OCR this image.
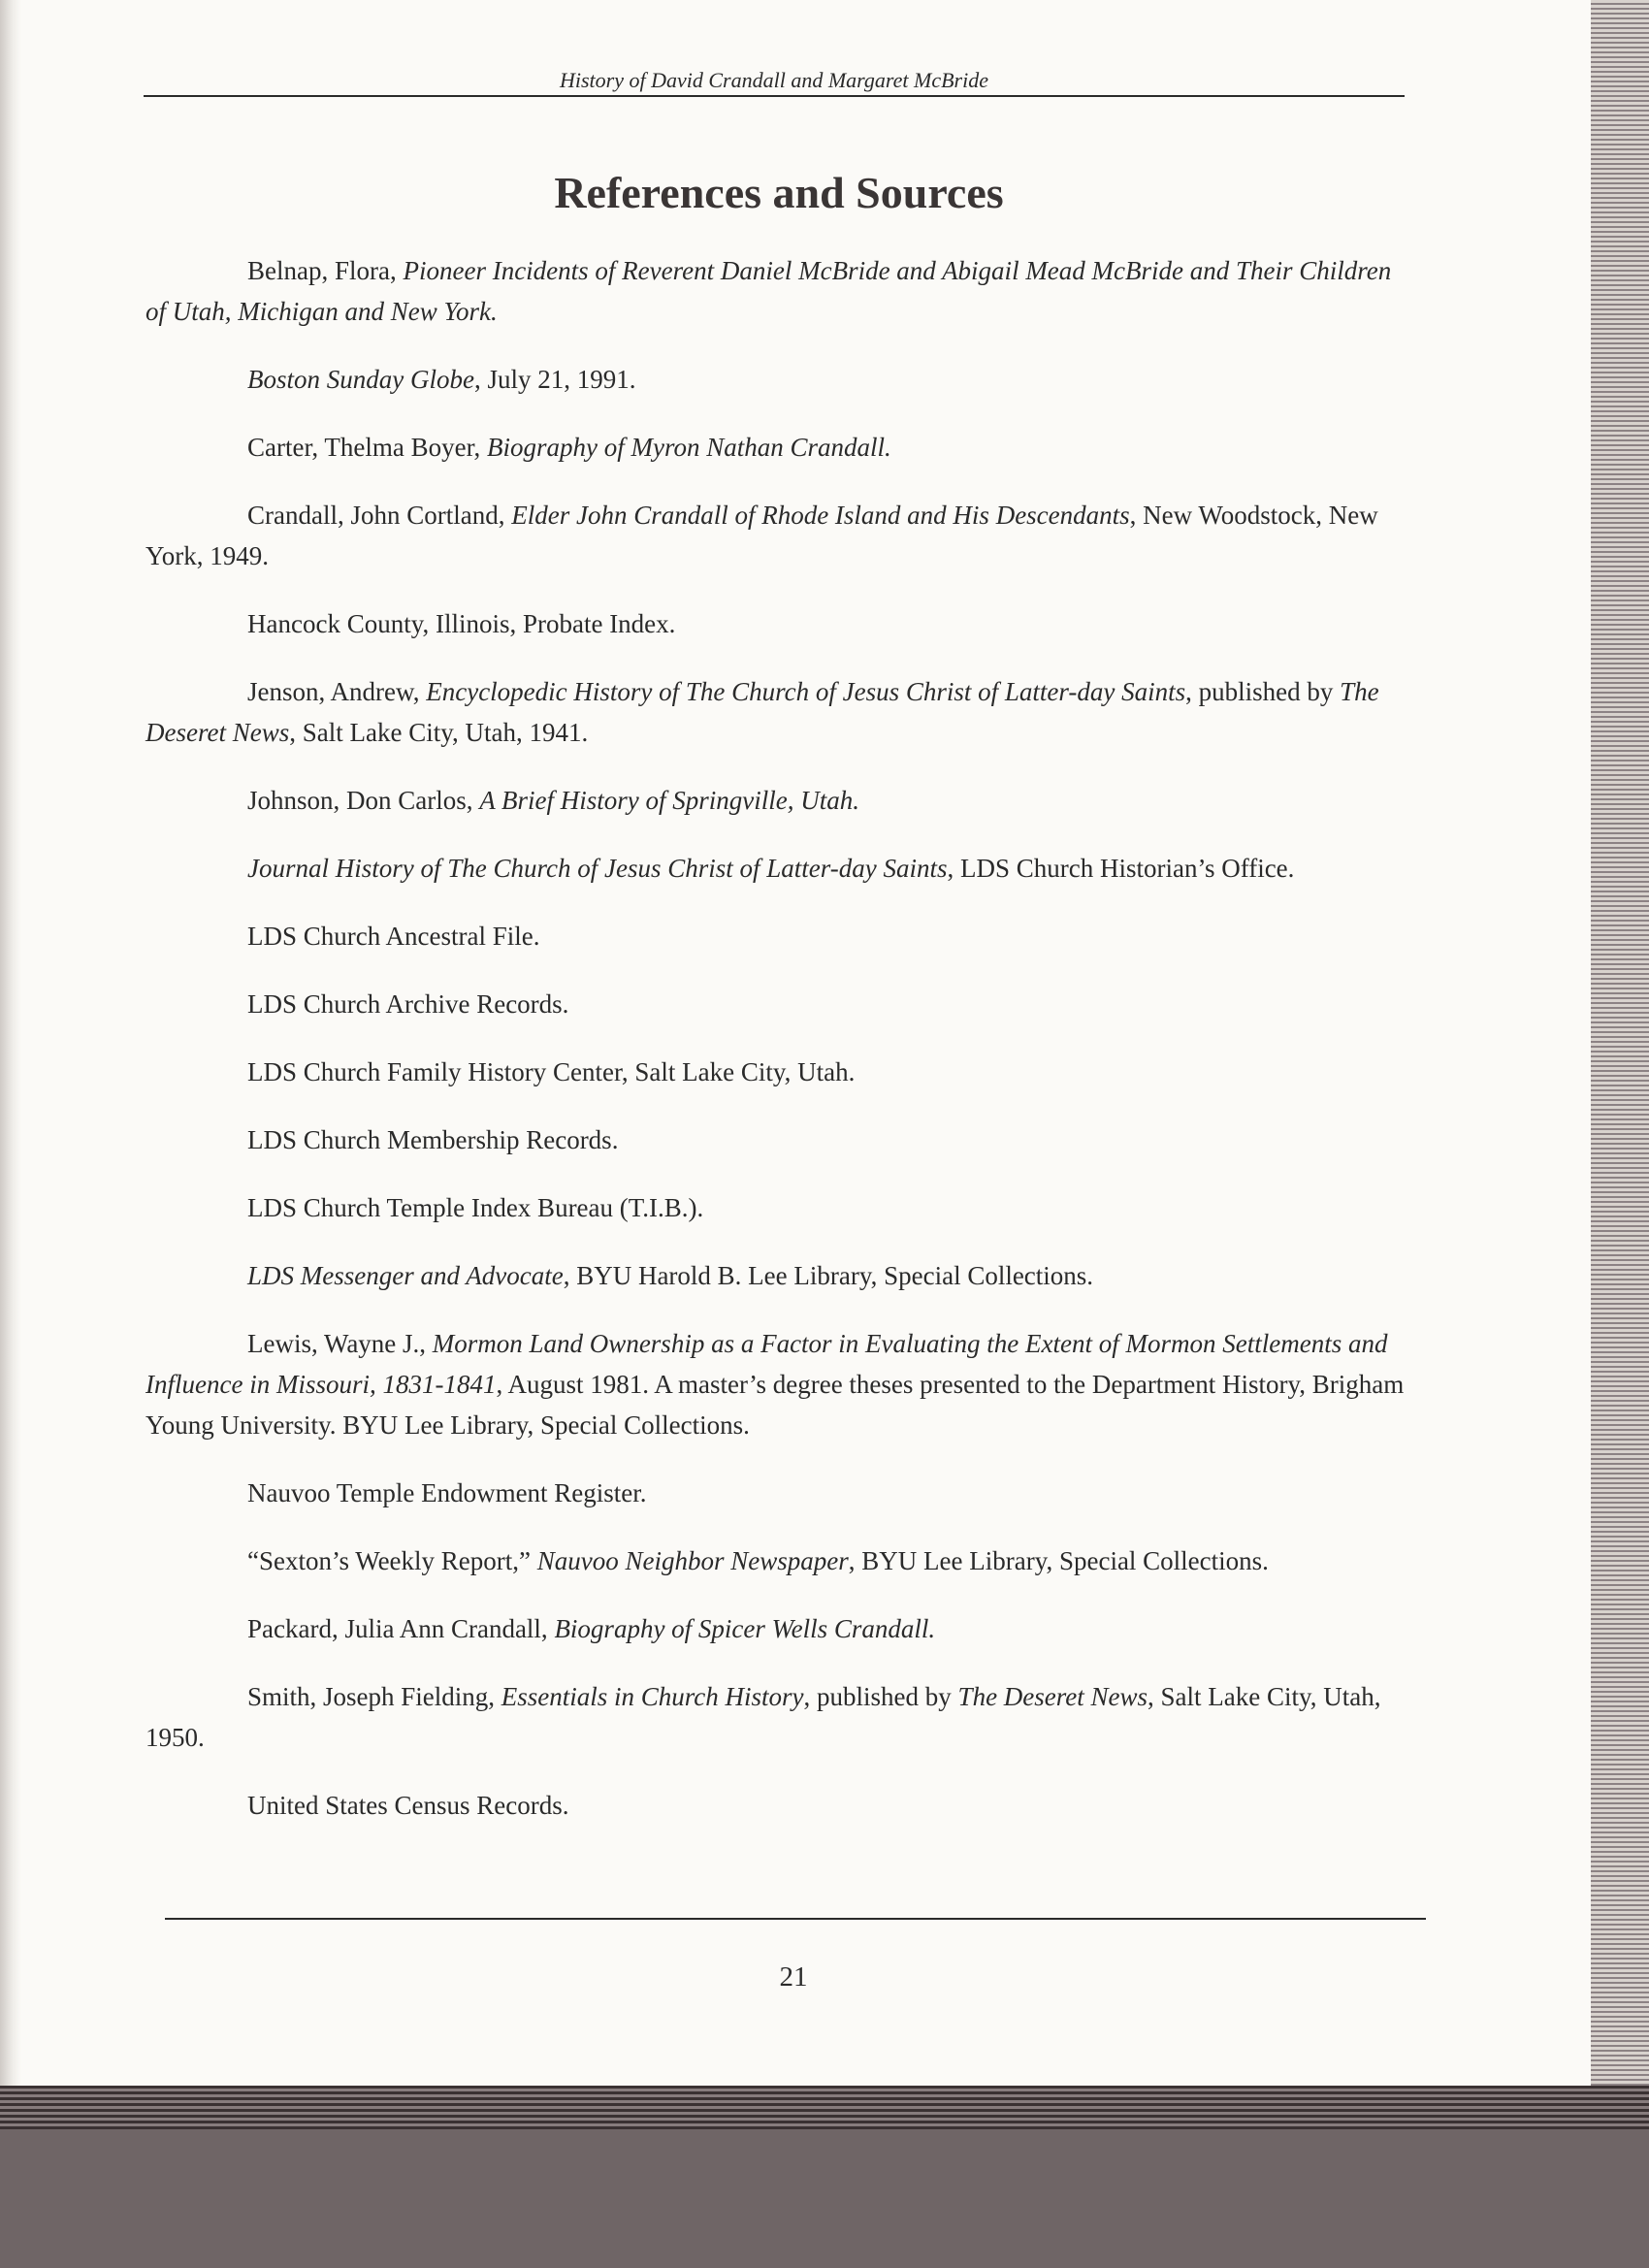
History of David Crandall and Margaret McBride
References and Sources

Belnap, Flora, Pioneer Incidents of Reverent Daniel McBride and Abigail Mead McBride and Their Children of Utah, Michigan and New York.

Boston Sunday Globe, July 21, 1991.

Carter, Thelma Boyer, Biography of Myron Nathan Crandall.

Crandall, John Cortland, Elder John Crandall of Rhode Island and His Descendants, New Woodstock, New York, 1949.

Hancock County, Illinois, Probate Index.

Jenson, Andrew, Encyclopedic History of The Church of Jesus Christ of Latter-day Saints, published by The Deseret News, Salt Lake City, Utah, 1941.

Johnson, Don Carlos, A Brief History of Springville, Utah.

Journal History of The Church of Jesus Christ of Latter-day Saints, LDS Church Historian’s Office.

LDS Church Ancestral File.

LDS Church Archive Records.

LDS Church Family History Center, Salt Lake City, Utah.

LDS Church Membership Records.

LDS Church Temple Index Bureau (T.I.B.).

LDS Messenger and Advocate, BYU Harold B. Lee Library, Special Collections.

Lewis, Wayne J., Mormon Land Ownership as a Factor in Evaluating the Extent of Mormon Settlements and Influence in Missouri, 1831-1841, August 1981. A master’s degree theses presented to the Department History, Brigham Young University. BYU Lee Library, Special Collections.

Nauvoo Temple Endowment Register.

“Sexton’s Weekly Report,” Nauvoo Neighbor Newspaper, BYU Lee Library, Special Collections.

Packard, Julia Ann Crandall, Biography of Spicer Wells Crandall.

Smith, Joseph Fielding, Essentials in Church History, published by The Deseret News, Salt Lake City, Utah, 1950.

United States Census Records.

21
